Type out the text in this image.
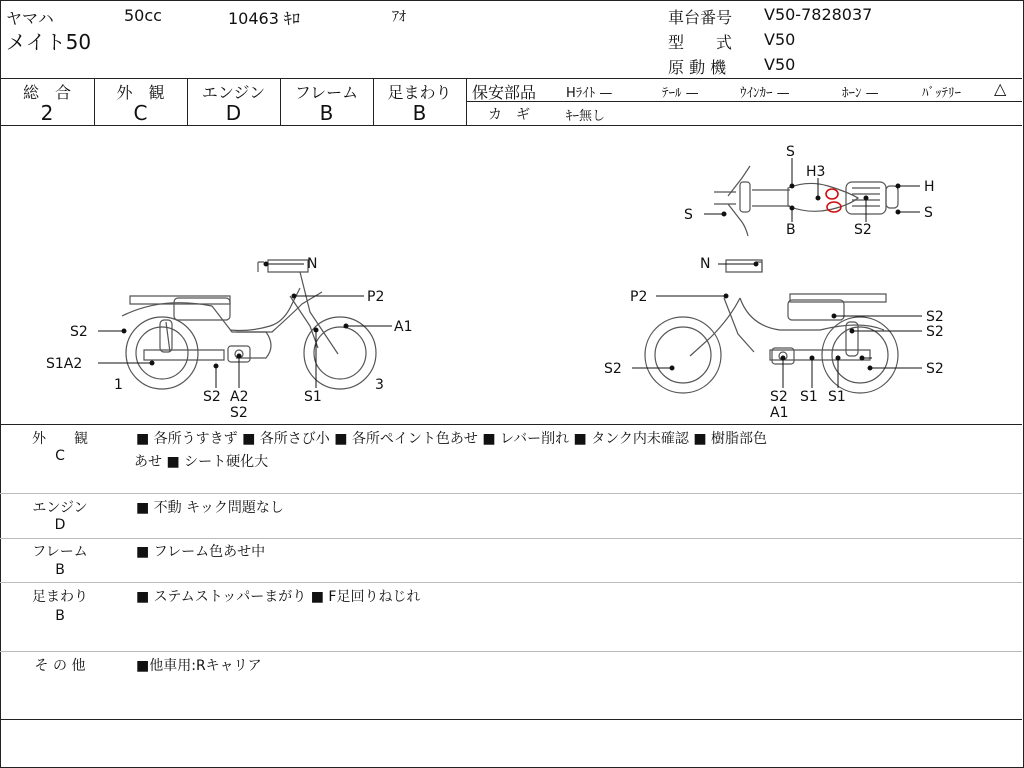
ヤマハ	50cc	10463 ｷﾛ	ｱｵ
メイト50
車台番号 V50-7828037
型　　式 V50
原 動 機 V50
総　合	外　観	エンジン	フレーム	足まわり
2	C	D	B	B
保安部品 Hﾗｲﾄ —	ﾃｰﾙ —	ｳｲﾝｶｰ —	ﾎｰﾝ —	ﾊﾞｯﾃﾘｰ △
カ　ギ	ｷｰ無し
S
H3
H
S
S
B	S2
N
P2
A1
S2
S1A2
1
S2 A2
S2
S1
3
N
P2
S2
S2
S2
S2
S2
A1
S1 S1
外　　観
C
■ 各所うすきず ■ 各所さび小 ■ 各所ペイント色あせ ■ レバー削れ ■ タンク内未確認 ■ 樹脂部色
あせ ■ シート硬化大
エンジン
D
■ 不動 キック問題なし
フレーム
B
■ フレーム色あせ中
足まわり
B
■ ステムストッパーまがり ■ F足回りねじれ
そ の 他	■他車用:Rキャリア
